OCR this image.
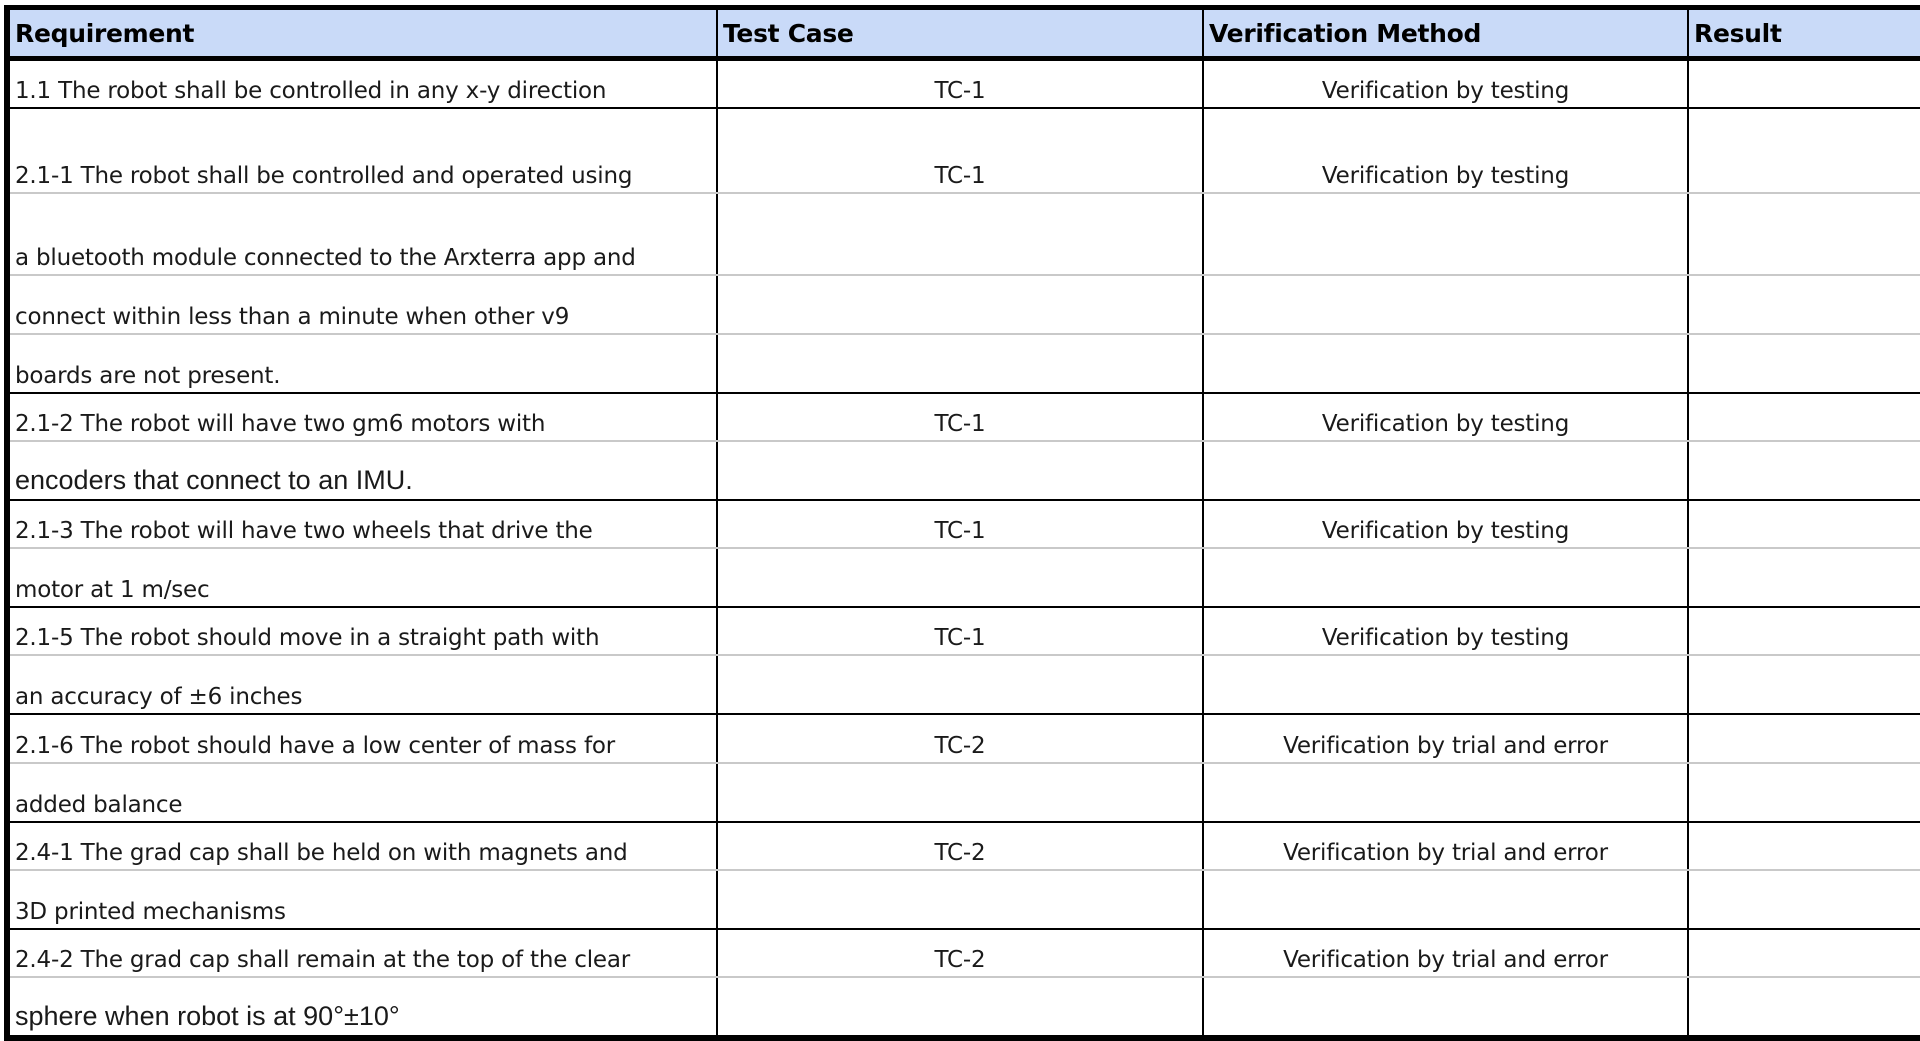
Requirement	Test Case	Verification Method	Result
1.1 The robot shall be controlled in any x-y direction	TC-1	Verification by testing	
2.1-1 The robot shall be controlled and operated using	TC-1	Verification by testing	
a bluetooth module connected to the Arxterra app and			
connect within less than a minute when other v9			
boards are not present.			
2.1-2 The robot will have two gm6 motors with	TC-1	Verification by testing	
encoders that connect to an IMU.			
2.1-3 The robot will have two wheels that drive the	TC-1	Verification by testing	
motor at 1 m/sec			
2.1-5 The robot should move in a straight path with	TC-1	Verification by testing	
an accuracy of ±6 inches			
2.1-6 The robot should have a low center of mass for	TC-2	Verification by trial and error	
added balance			
2.4-1 The grad cap shall be held on with magnets and	TC-2	Verification by trial and error	
3D printed mechanisms			
2.4-2 The grad cap shall remain at the top of the clear	TC-2	Verification by trial and error	
sphere when robot is at 90°±10°			
